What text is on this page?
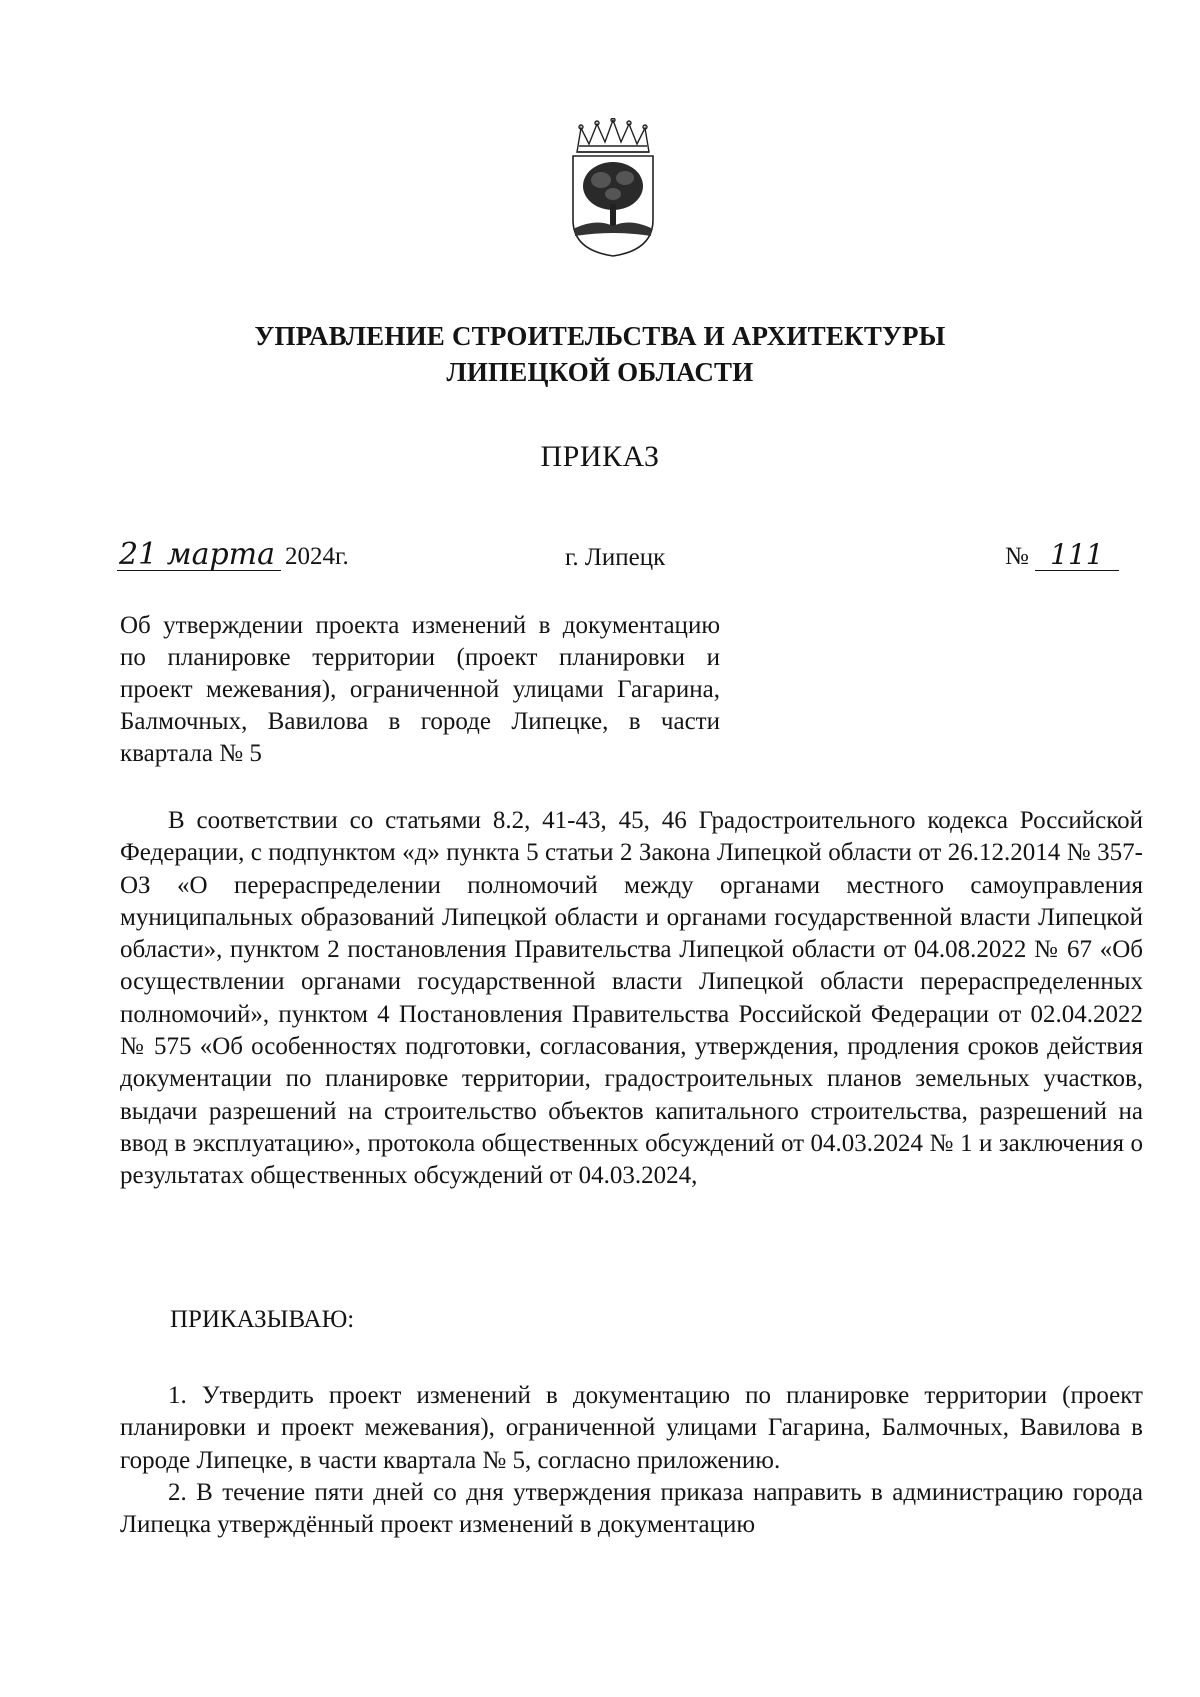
УПРАВЛЕНИЕ СТРОИТЕЛЬСТВА И АРХИТЕКТУРЫ
ЛИПЕЦКОЙ ОБЛАСТИ
ПРИКАЗ
21 марта 2024г.	г. Липецк	№ 111
Об утверждении проекта изменений в документацию по планировке территории (проект планировки и проект межевания), ограниченной улицами Гагарина, Балмочных, Вавилова в городе Липецке, в части квартала № 5
В соответствии со статьями 8.2, 41-43, 45, 46 Градостроительного кодекса Российской Федерации, с подпунктом «д» пункта 5 статьи 2 Закона Липецкой области от 26.12.2014 № 357-ОЗ «О перераспределении полномочий между органами местного самоуправления муниципальных образований Липецкой области и органами государственной власти Липецкой области», пунктом 2 постановления Правительства Липецкой области от 04.08.2022 № 67 «Об осуществлении органами государственной власти Липецкой области перераспределенных полномочий», пунктом 4 Постановления Правительства Российской Федерации от 02.04.2022 № 575 «Об особенностях подготовки, согласования, утверждения, продления сроков действия документации по планировке территории, градостроительных планов земельных участков, выдачи разрешений на строительство объектов капитального строительства, разрешений на ввод в эксплуатацию», протокола общественных обсуждений от 04.03.2024 № 1 и заключения о результатах общественных обсуждений от 04.03.2024,
ПРИКАЗЫВАЮ:

1. Утвердить проект изменений в документацию по планировке территории (проект планировки и проект межевания), ограниченной улицами Гагарина, Балмочных, Вавилова в городе Липецке, в части квартала № 5, согласно приложению.

2. В течение пяти дней со дня утверждения приказа направить в администрацию города Липецка утверждённый проект изменений в документацию
